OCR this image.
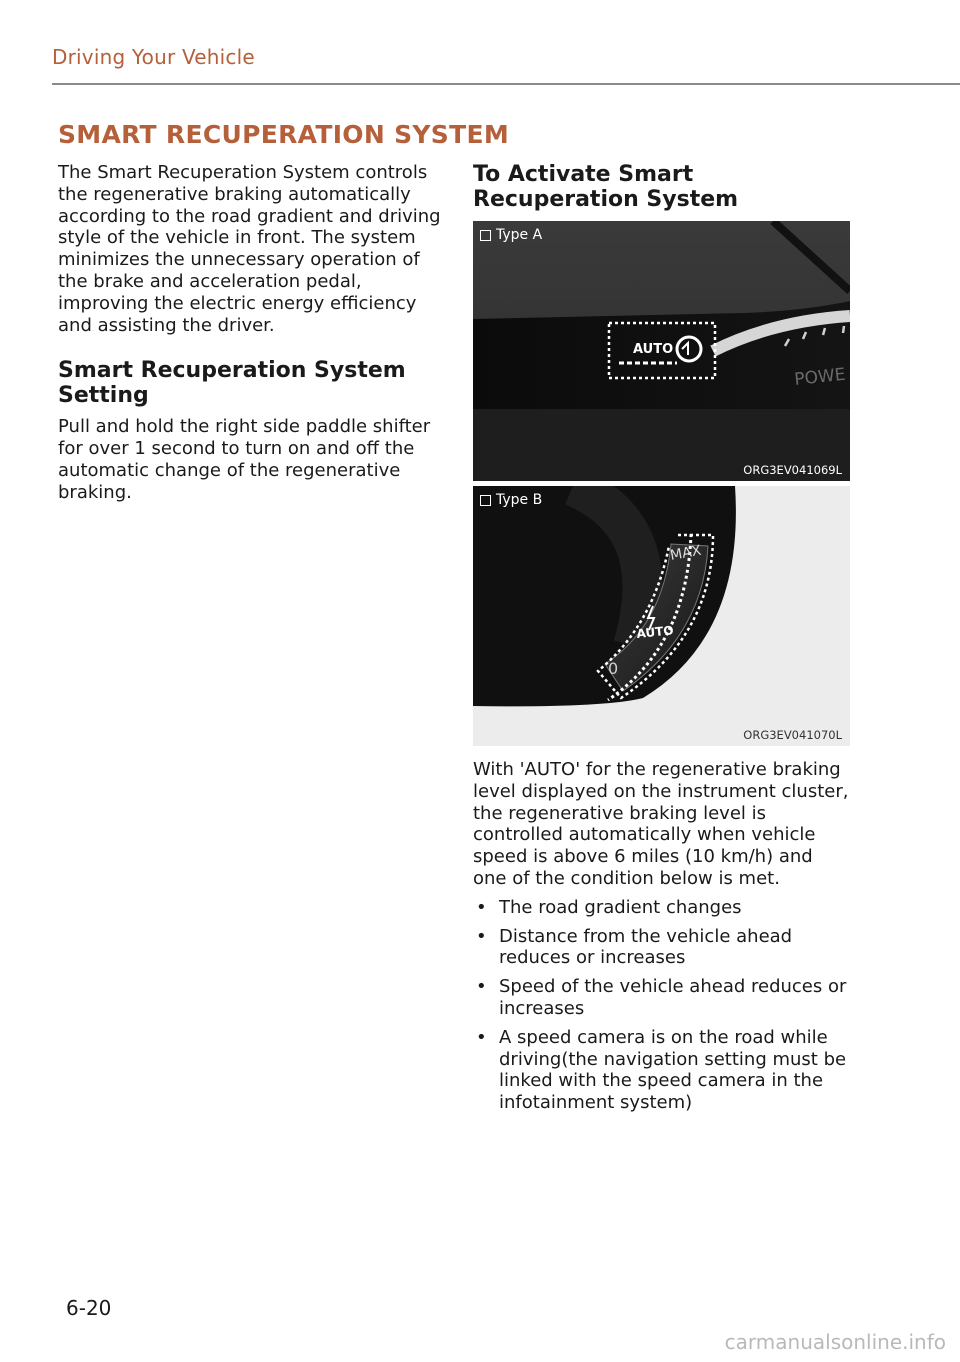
Driving Your Vehicle
SMART RECUPERATION SYSTEM

The Smart Recuperation System controls the regenerative braking automatically according to the road gradient and driving style of the vehicle in front. The system minimizes the unnecessary operation of the brake and acceleration pedal, improving the electric energy efficiency and assisting the driver.

Smart Recuperation System Setting

Pull and hold the right side paddle shifter for over 1 second to turn on and off the automatic change of the regenerative braking.

To Activate Smart Recuperation System
AUTO
POWE
Type A
ORG3EV041069L
MAX
AUTO
0
Type B
ORG3EV041070L

With 'AUTO' for the regenerative braking level displayed on the instrument cluster, the regenerative braking level is controlled automatically when vehicle speed is above 6 miles (10 km/h) and one of the condition below is met.

• The road gradient changes
• Distance from the vehicle ahead reduces or increases
• Speed of the vehicle ahead reduces or increases
• A speed camera is on the road while driving(the navigation setting must be linked with the speed camera in the infotainment system)
6-20
carmanualsonline.info
